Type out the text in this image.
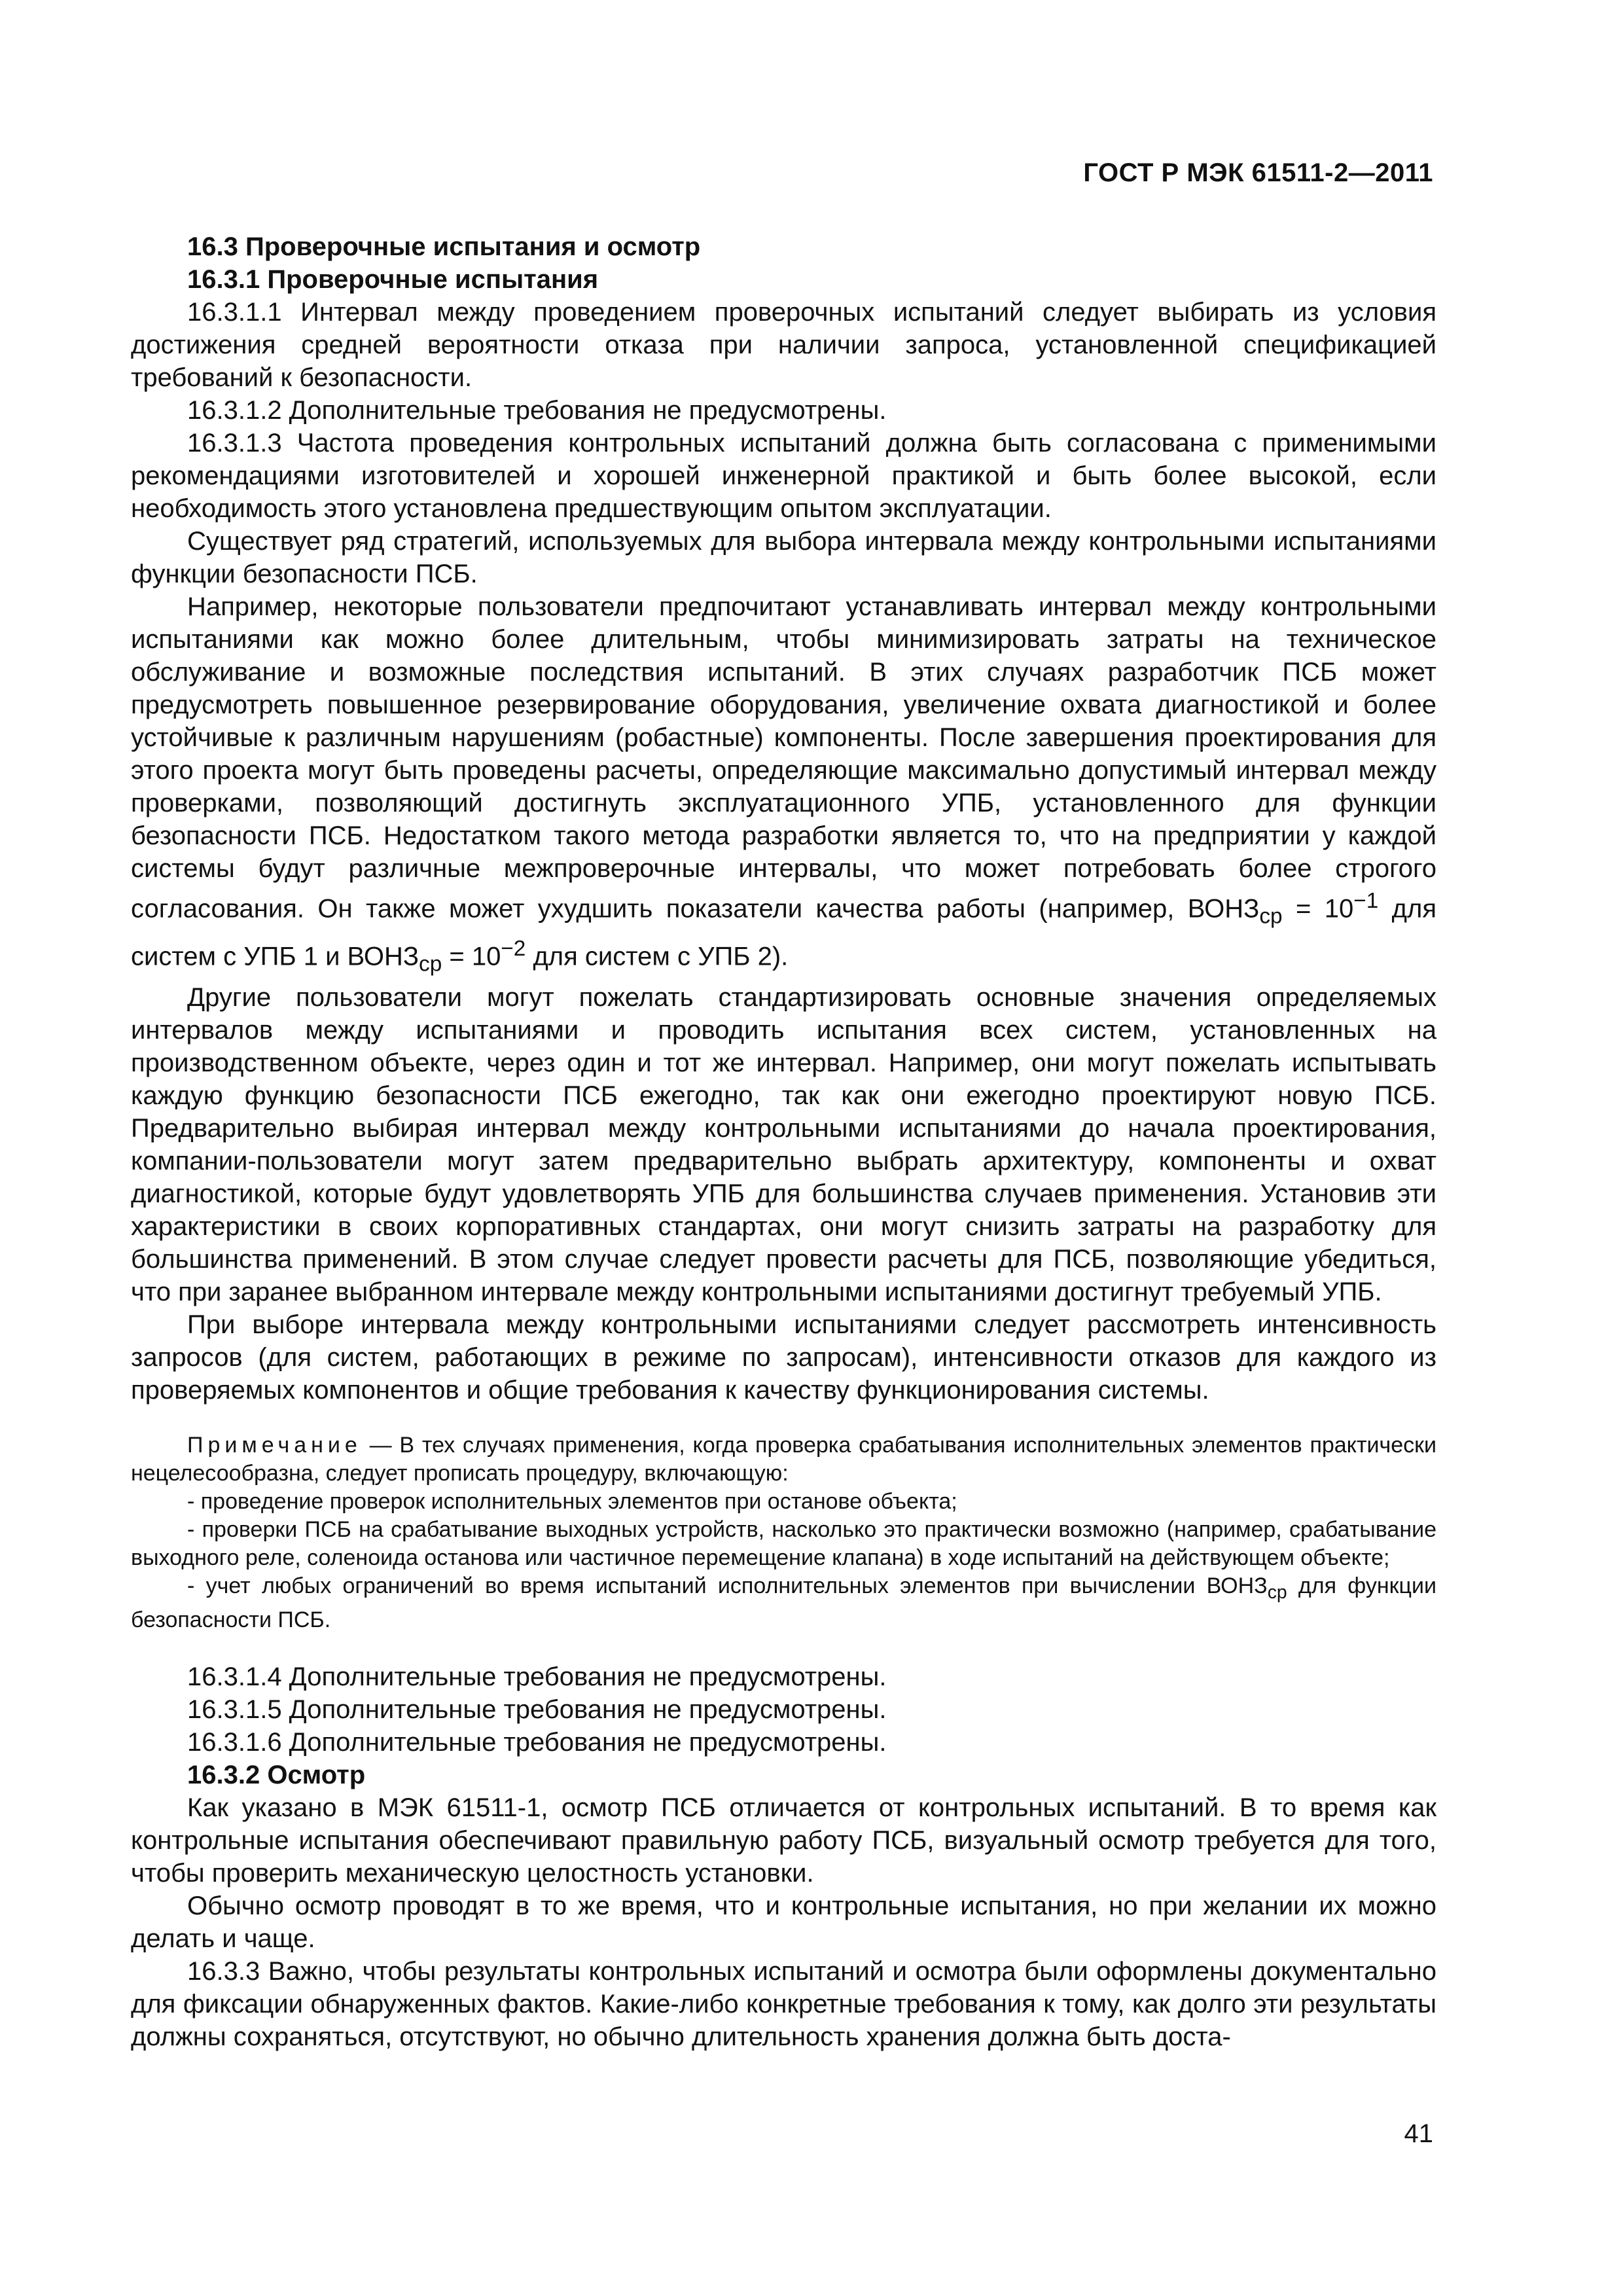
ГОСТ Р МЭК 61511-2—2011

16.3 Проверочные испытания и осмотр

16.3.1 Проверочные испытания

16.3.1.1 Интервал между проведением проверочных испытаний следует выбирать из условия достижения средней вероятности отказа при наличии запроса, установленной спецификацией требований к безопасности.

16.3.1.2 Дополнительные требования не предусмотрены.

16.3.1.3 Частота проведения контрольных испытаний должна быть согласована с применимыми рекомендациями изготовителей и хорошей инженерной практикой и быть более высокой, если необходимость этого установлена предшествующим опытом эксплуатации.

Существует ряд стратегий, используемых для выбора интервала между контрольными испытаниями функции безопасности ПСБ.

Например, некоторые пользователи предпочитают устанавливать интервал между контрольными испытаниями как можно более длительным, чтобы минимизировать затраты на техническое обслуживание и возможные последствия испытаний. В этих случаях разработчик ПСБ может предусмотреть повышенное резервирование оборудования, увеличение охвата диагностикой и более устойчивые к различным нарушениям (робастные) компоненты. После завершения проектирования для этого проекта могут быть проведены расчеты, определяющие максимально допустимый интервал между проверками, позволяющий достигнуть эксплуатационного УПБ, установленного для функции безопасности ПСБ. Недостатком такого метода разработки является то, что на предприятии у каждой системы будут различные межпроверочные интервалы, что может потребовать более строгого согласования. Он также может ухудшить показатели качества работы (например, $ВОНЗ_{ср} = 10^{-1}$ для систем с УПБ 1 и $ВОНЗ_{ср} = 10^{-2}$ для систем с УПБ 2).

Другие пользователи могут пожелать стандартизировать основные значения определяемых интервалов между испытаниями и проводить испытания всех систем, установленных на производственном объекте, через один и тот же интервал. Например, они могут пожелать испытывать каждую функцию безопасности ПСБ ежегодно, так как они ежегодно проектируют новую ПСБ. Предварительно выбирая интервал между контрольными испытаниями до начала проектирования, компании-пользователи могут затем предварительно выбрать архитектуру, компоненты и охват диагностикой, которые будут удовлетворять УПБ для большинства случаев применения. Установив эти характеристики в своих корпоративных стандартах, они могут снизить затраты на разработку для большинства применений. В этом случае следует провести расчеты для ПСБ, позволяющие убедиться, что при заранее выбранном интервале между контрольными испытаниями достигнут требуемый УПБ.

При выборе интервала между контрольными испытаниями следует рассмотреть интенсивность запросов (для систем, работающих в режиме по запросам), интенсивности отказов для каждого из проверяемых компонентов и общие требования к качеству функционирования системы.

Примечание — В тех случаях применения, когда проверка срабатывания исполнительных элементов практически нецелесообразна, следует прописать процедуру, включающую:

- проведение проверок исполнительных элементов при останове объекта;

- проверки ПСБ на срабатывание выходных устройств, насколько это практически возможно (например, срабатывание выходного реле, соленоида останова или частичное перемещение клапана) в ходе испытаний на действующем объекте;

- учет любых ограничений во время испытаний исполнительных элементов при вычислении $ВОНЗ_{ср}$ для функции безопасности ПСБ.

16.3.1.4 Дополнительные требования не предусмотрены.

16.3.1.5 Дополнительные требования не предусмотрены.

16.3.1.6 Дополнительные требования не предусмотрены.

16.3.2 Осмотр

Как указано в МЭК 61511-1, осмотр ПСБ отличается от контрольных испытаний. В то время как контрольные испытания обеспечивают правильную работу ПСБ, визуальный осмотр требуется для того, чтобы проверить механическую целостность установки.

Обычно осмотр проводят в то же время, что и контрольные испытания, но при желании их можно делать и чаще.

16.3.3 Важно, чтобы результаты контрольных испытаний и осмотра были оформлены документально для фиксации обнаруженных фактов. Какие-либо конкретные требования к тому, как долго эти результаты должны сохраняться, отсутствуют, но обычно длительность хранения должна быть доста-

41
